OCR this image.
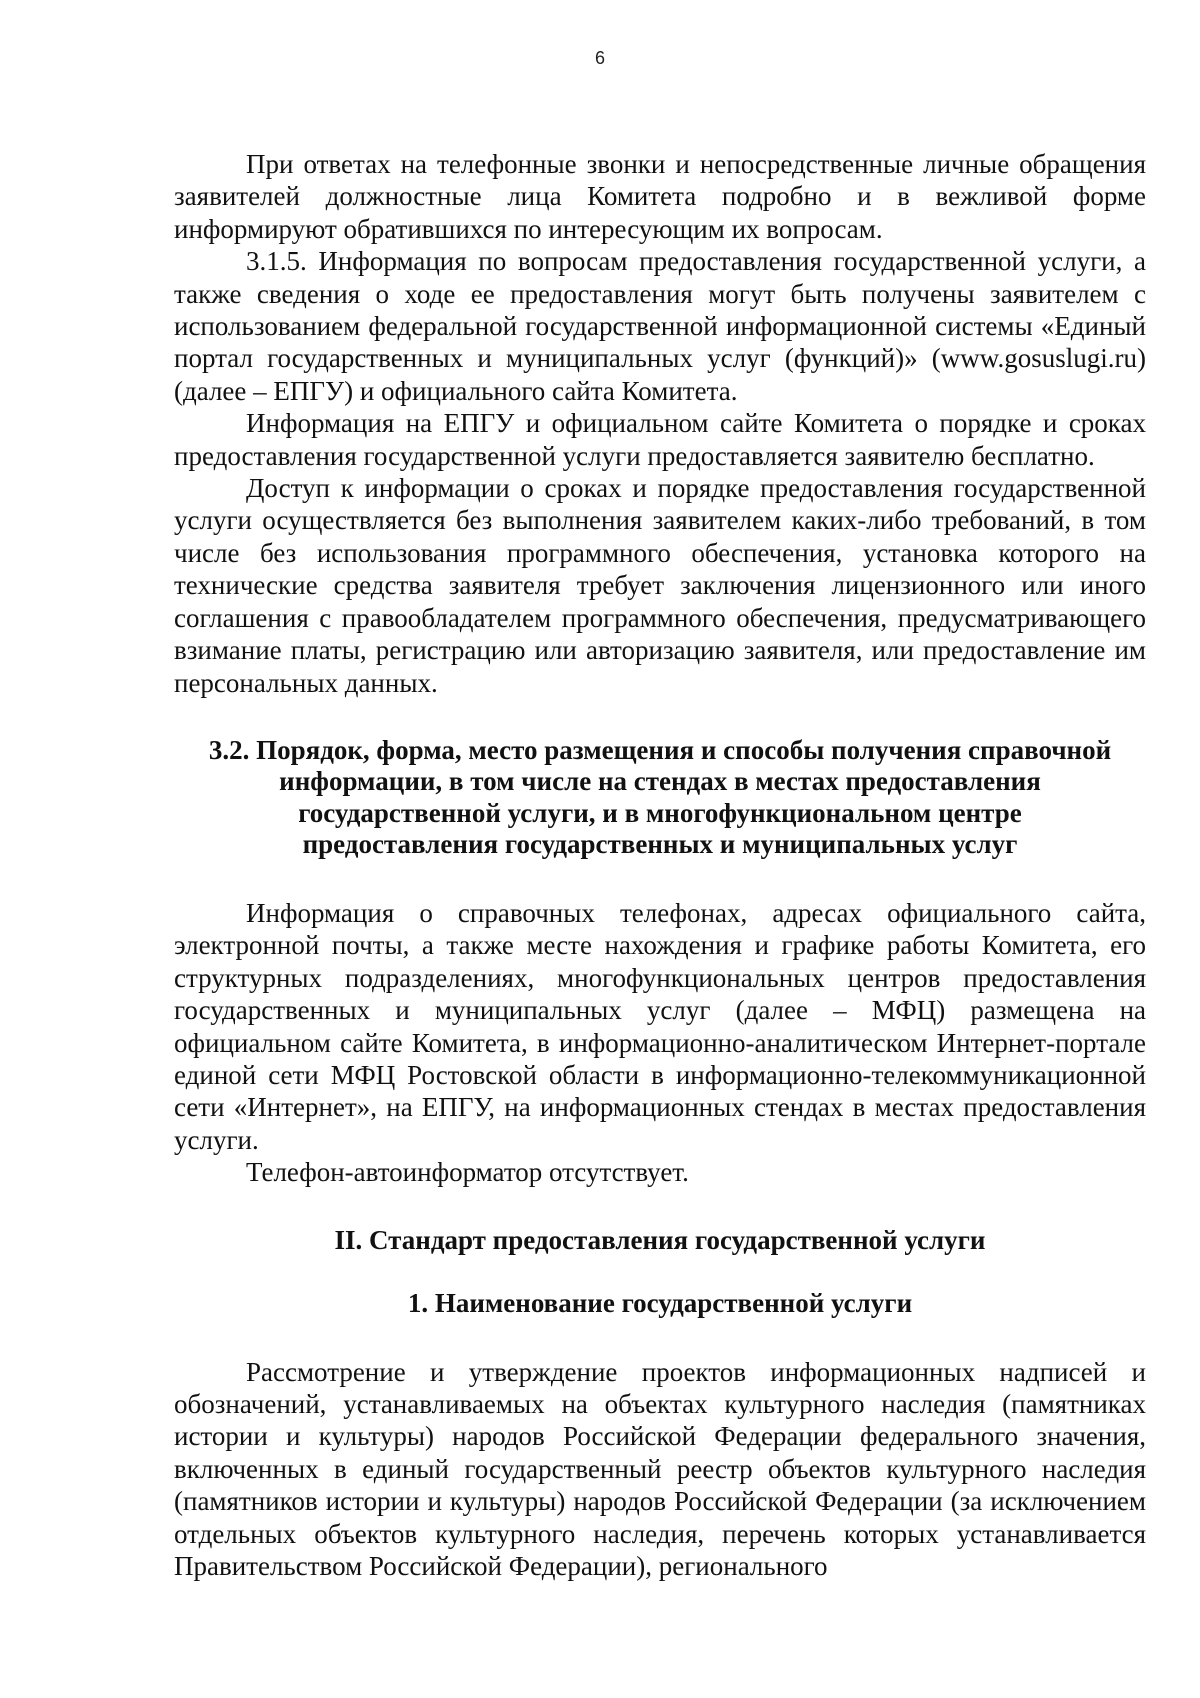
6

При ответах на телефонные звонки и непосредственные личные обращения заявителей должностные лица Комитета подробно и в вежливой форме информируют обратившихся по интересующим их вопросам.

3.1.5. Информация по вопросам предоставления государственной услуги, а также сведения о ходе ее предоставления могут быть получены заявителем с использованием федеральной государственной информационной системы «Единый портал государственных и муниципальных услуг (функций)» (www.gosuslugi.ru) (далее – ЕПГУ) и официального сайта Комитета.

Информация на ЕПГУ и официальном сайте Комитета о порядке и сроках предоставления государственной услуги предоставляется заявителю бесплатно.

Доступ к информации о сроках и порядке предоставления государственной услуги осуществляется без выполнения заявителем каких-либо требований, в том числе без использования программного обеспечения, установка которого на технические средства заявителя требует заключения лицензионного или иного соглашения с правообладателем программного обеспечения, предусматривающего взимание платы, регистрацию или авторизацию заявителя, или предоставление им персональных данных.

3.2. Порядок, форма, место размещения и способы получения справочной
информации, в том числе на стендах в местах предоставления
государственной услуги, и в многофункциональном центре
предоставления государственных и муниципальных услуг

Информация о справочных телефонах, адресах официального сайта, электронной почты, а также месте нахождения и графике работы Комитета, его структурных подразделениях, многофункциональных центров предоставления государственных и муниципальных услуг (далее – МФЦ) размещена на официальном сайте Комитета, в информационно-аналитическом Интернет-портале единой сети МФЦ Ростовской области в информационно-телекоммуникационной сети «Интернет», на ЕПГУ, на информационных стендах в местах предоставления услуги.

Телефон-автоинформатор отсутствует.

II. Стандарт предоставления государственной услуги
1. Наименование государственной услуги

Рассмотрение и утверждение проектов информационных надписей и обозначений, устанавливаемых на объектах культурного наследия (памятниках истории и культуры) народов Российской Федерации федерального значения, включенных в единый государственный реестр объектов культурного наследия (памятников истории и культуры) народов Российской Федерации (за исключением отдельных объектов культурного наследия, перечень которых устанавливается Правительством Российской Федерации), регионального
